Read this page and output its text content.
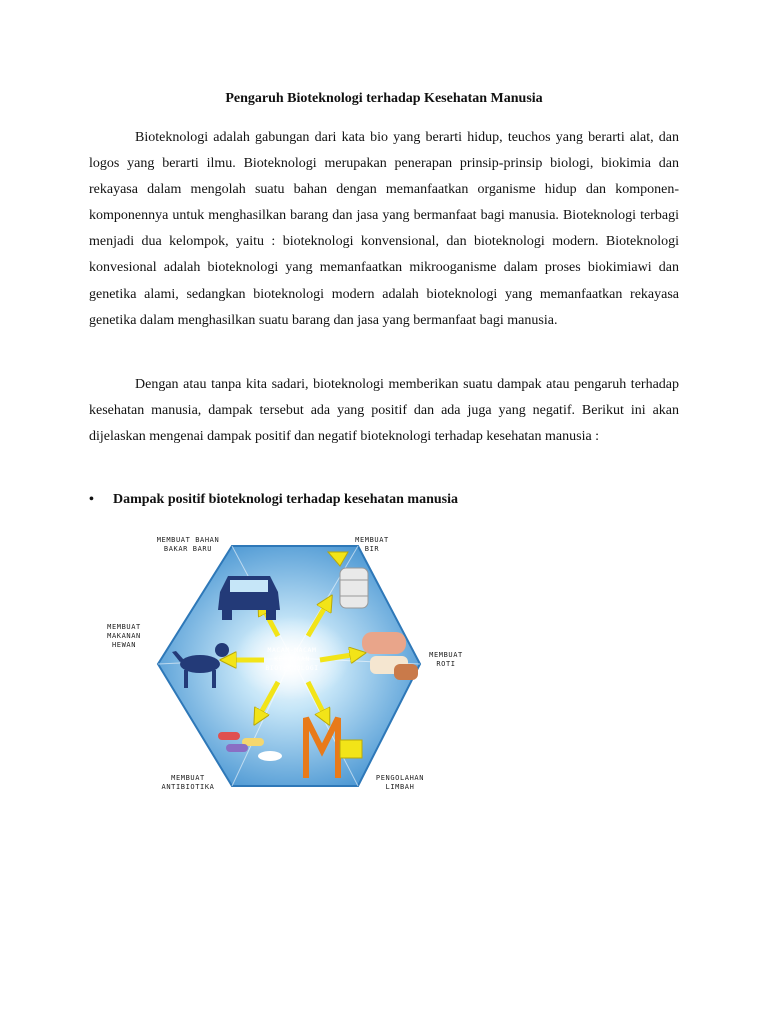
Pengaruh Bioteknologi terhadap Kesehatan Manusia

Bioteknologi adalah gabungan dari kata bio yang berarti hidup, teuchos yang berarti alat, dan logos yang berarti ilmu. Bioteknologi merupakan penerapan prinsip-prinsip biologi, biokimia dan rekayasa dalam mengolah suatu bahan dengan memanfaatkan organisme hidup dan komponen-komponennya untuk menghasilkan barang dan jasa yang bermanfaat bagi manusia. Bioteknologi terbagi menjadi dua kelompok, yaitu : bioteknologi konvensional, dan bioteknologi modern. Bioteknologi konvesional adalah bioteknologi yang memanfaatkan mikrooganisme dalam proses biokimiawi dan genetika alami, sedangkan bioteknologi modern adalah bioteknologi yang memanfaatkan rekayasa genetika dalam menghasilkan suatu barang dan jasa yang bermanfaat bagi manusia.

Dengan atau tanpa kita sadari, bioteknologi memberikan suatu dampak atau pengaruh terhadap kesehatan manusia, dampak tersebut ada yang positif dan ada juga yang negatif. Berikut ini akan dijelaskan mengenai dampak positif dan negatif bioteknologi terhadap kesehatan manusia :

• Dampak positif bioteknologi terhadap kesehatan manusia
MACAM-MACAM
KEGUNAAN
BIOTEKNOLOGI
MEMBUAT BAHAN
BAKAR BARU
MEMBUAT
BIR
MEMBUAT
MAKANAN
HEWAN
MEMBUAT
ROTI
MEMBUAT
ANTIBIOTIKA
PENGOLAHAN
LIMBAH
